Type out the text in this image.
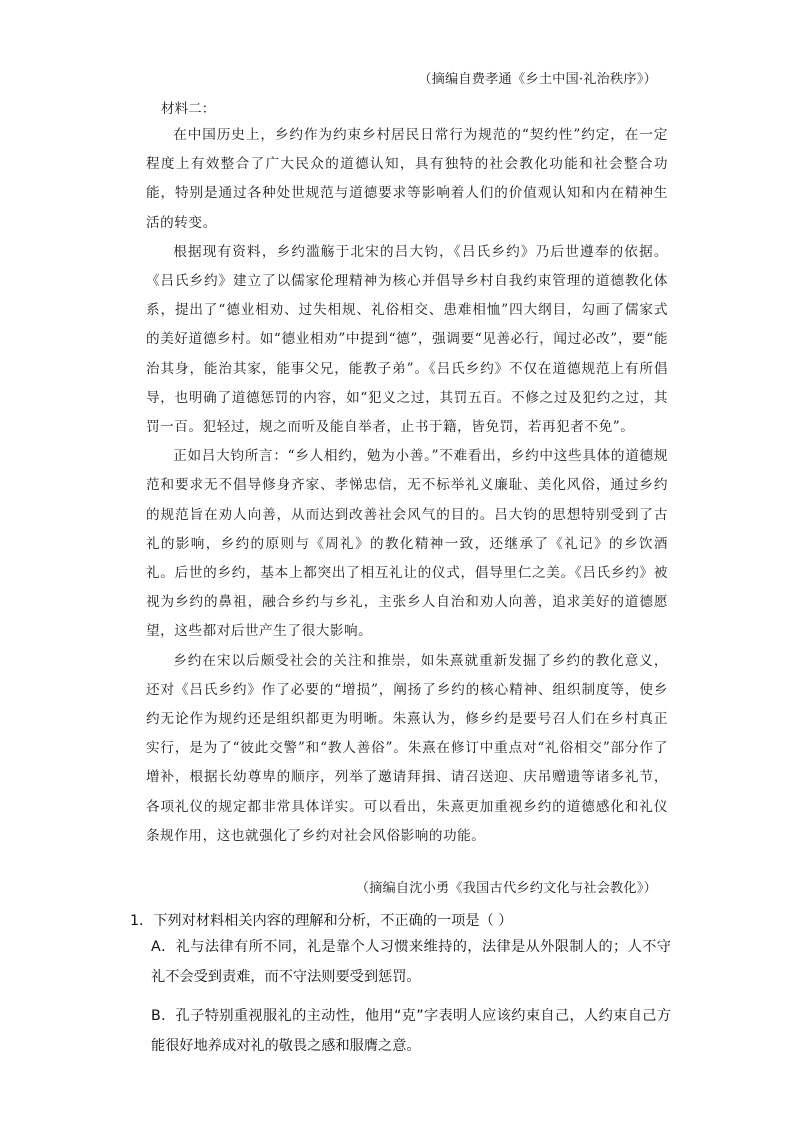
（摘编自费孝通《乡土中国·礼治秩序》）
材料二：

在中国历史上，乡约作为约束乡村居民日常行为规范的“契约性”约定，在一定程度上有效整合了广大民众的道德认知，具有独特的社会教化功能和社会整合功能，特别是通过各种处世规范与道德要求等影响着人们的价值观认知和内在精神生活的转变。

根据现有资料，乡约滥觞于北宋的吕大钧，《吕氏乡约》乃后世遵奉的依据。《吕氏乡约》建立了以儒家伦理精神为核心并倡导乡村自我约束管理的道德教化体系，提出了“德业相劝、过失相规、礼俗相交、患难相恤”四大纲目，勾画了儒家式的美好道德乡村。如“德业相劝”中提到“德”，强调要“见善必行，闻过必改”，要“能治其身，能治其家，能事父兄，能教子弟”。《吕氏乡约》不仅在道德规范上有所倡导，也明确了道德惩罚的内容，如“犯义之过，其罚五百。不修之过及犯约之过，其罚一百。犯轻过，规之而听及能自举者，止书于籍，皆免罚，若再犯者不免”。

正如吕大钧所言：“乡人相约，勉为小善。”不难看出，乡约中这些具体的道德规范和要求无不倡导修身齐家、孝悌忠信，无不标举礼义廉耻、美化风俗，通过乡约的规范旨在劝人向善，从而达到改善社会风气的目的。吕大钧的思想特别受到了古礼的影响，乡约的原则与《周礼》的教化精神一致，还继承了《礼记》的乡饮酒礼。后世的乡约，基本上都突出了相互礼让的仪式，倡导里仁之美。《吕氏乡约》被视为乡约的鼻祖，融合乡约与乡礼，主张乡人自治和劝人向善，追求美好的道德愿望，这些都对后世产生了很大影响。

乡约在宋以后颇受社会的关注和推崇，如朱熹就重新发掘了乡约的教化意义，还对《吕氏乡约》作了必要的“增损”，阐扬了乡约的核心精神、组织制度等，使乡约无论作为规约还是组织都更为明晰。朱熹认为，修乡约是要号召人们在乡村真正实行，是为了“彼此交警”和“教人善俗”。朱熹在修订中重点对“礼俗相交”部分作了增补，根据长幼尊卑的顺序，列举了邀请拜揖、请召送迎、庆吊赠遗等诸多礼节，各项礼仪的规定都非常具体详实。可以看出，朱熹更加重视乡约的道德感化和礼仪条规作用，这也就强化了乡约对社会风俗影响的功能。

（摘编自沈小勇《我国古代乡约文化与社会教化》）
1．下列对材料相关内容的理解和分析，不正确的一项是（ ）
A．礼与法律有所不同，礼是靠个人习惯来维持的，法律是从外限制人的；人不守礼不会受到责难，而不守法则要受到惩罚。
B．孔子特别重视服礼的主动性，他用“克”字表明人应该约束自己，人约束自己方能很好地养成对礼的敬畏之感和服膺之意。
